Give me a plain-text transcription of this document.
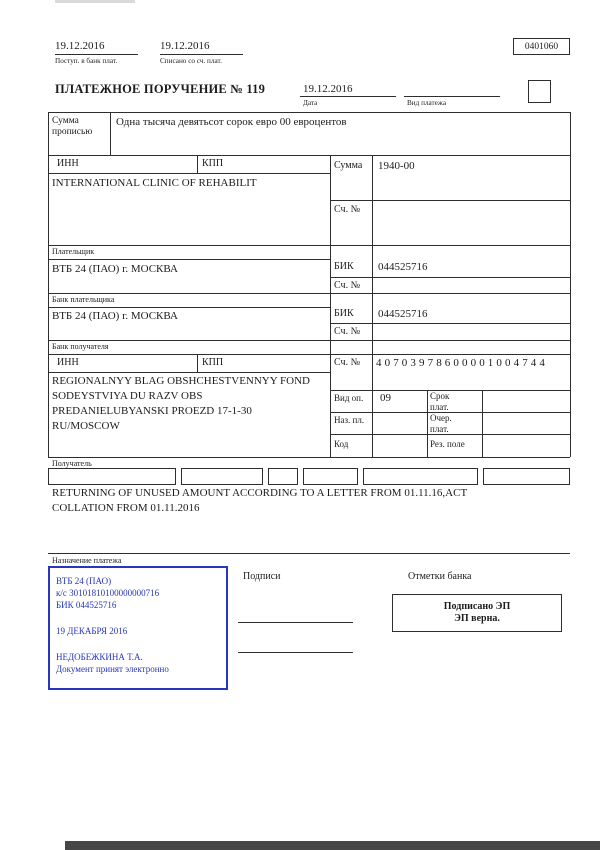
19.12.2016	19.12.2016
Поступ. в банк плат.	Списано со сч. плат.
0401060
ПЛАТЕЖНОЕ ПОРУЧЕНИЕ № 119	19.12.2016
Дата	Вид платежа
Сумма прописью
Одна тысяча девятьсот сорок евро 00 евроцентов
ИНН	КПП
INTERNATIONAL CLINIC OF REHABILIT
Сумма 1940-00
Сч. №
Плательщик
ВТБ 24 (ПАО) г. МОСКВА	БИК 044525716
Сч. №
Банк плательщика
ВТБ 24 (ПАО) г. МОСКВА	БИК 044525716
Сч. №
Банк получателя
ИНН	КПП	Сч. № 40703978600001004744
REGIONALNYY BLAG OBSHCHESTVENNYY FOND
SODEYSTVIYA DU RAZV OBS
PREDANIELUBYANSKI PROEZD 17-1-30
RU/MOSCOW
Вид оп. 09	Срок плат.
Наз. пл.	Очер. плат.
Код	Рез. поле
Получатель
RETURNING OF UNUSED AMOUNT ACCORDING TO A LETTER FROM 01.11.16,ACT
COLLATION FROM 01.11.2016
Назначение платежа
Подписи	Отметки банка
ВТБ 24 (ПАО)
к/с 30101810100000000716
БИК 044525716
19 ДЕКАБРЯ 2016
НЕДОБЕЖКИНА Т.А.
Документ принят электронно
Подписано ЭП
ЭП верна.
